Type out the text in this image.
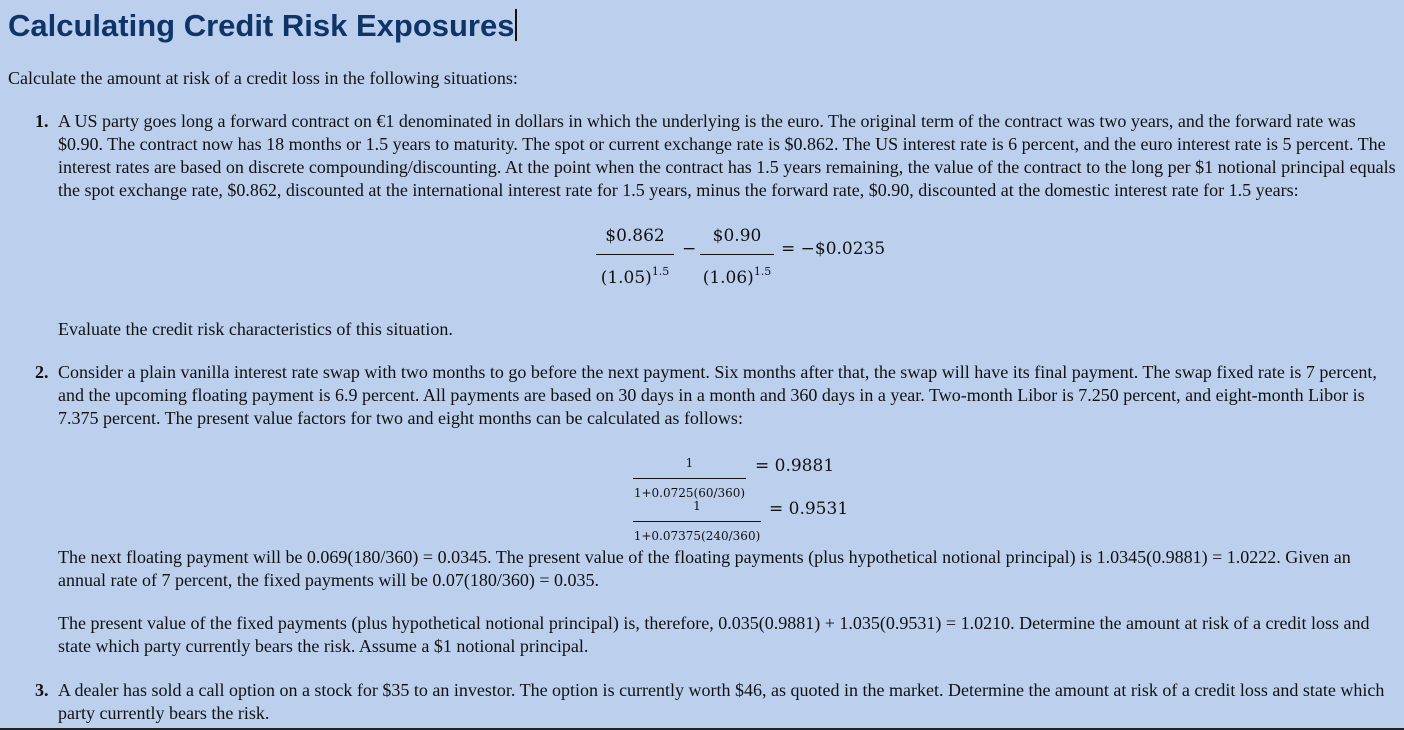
Calculating Credit Risk Exposures

Calculate the amount at risk of a credit loss in the following situations:

1. A US party goes long a forward contract on €1 denominated in dollars in which the underlying is the euro. The original term of the contract was two years, and the forward rate was $0.90. The contract now has 18 months or 1.5 years to maturity. The spot or current exchange rate is $0.862. The US interest rate is 6 percent, and the euro interest rate is 5 percent. The interest rates are based on discrete compounding/discounting. At the point when the contract has 1.5 years remaining, the value of the contract to the long per $1 notional principal equals the spot exchange rate, $0.862, discounted at the international interest rate for 1.5 years, minus the forward rate, $0.90, discounted at the domestic interest rate for 1.5 years:

$\frac{\$0.862}{(1.05)^{1.5}} - \frac{\$0.90}{(1.06)^{1.5}}$ = −$0.0235

Evaluate the credit risk characteristics of this situation.

2. Consider a plain vanilla interest rate swap with two months to go before the next payment. Six months after that, the swap will have its final payment. The swap fixed rate is 7 percent, and the upcoming floating payment is 6.9 percent. All payments are based on 30 days in a month and 360 days in a year. Two-month Libor is 7.250 percent, and eight-month Libor is 7.375 percent. The present value factors for two and eight months can be calculated as follows:

$\frac{1}{1+0.0725(60/360)} = 0.9881$
$\frac{1}{1+0.07375(240/360)} = 0.9531$

The next floating payment will be 0.069(180/360) = 0.0345. The present value of the floating payments (plus hypothetical notional principal) is 1.0345(0.9881) = 1.0222. Given an annual rate of 7 percent, the fixed payments will be 0.07(180/360) = 0.035.

The present value of the fixed payments (plus hypothetical notional principal) is, therefore, 0.035(0.9881) + 1.035(0.9531) = 1.0210. Determine the amount at risk of a credit loss and state which party currently bears the risk. Assume a $1 notional principal.

3. A dealer has sold a call option on a stock for $35 to an investor. The option is currently worth $46, as quoted in the market. Determine the amount at risk of a credit loss and state which party currently bears the risk.
